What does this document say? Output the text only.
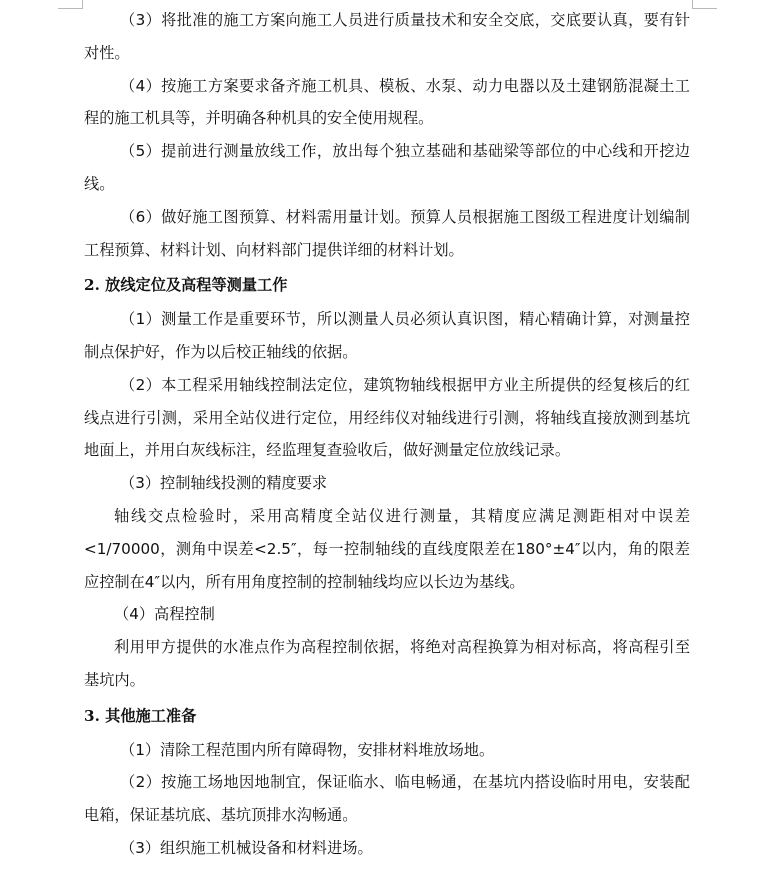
（3）将批准的施工方案向施工人员进行质量技术和安全交底，交底要认真，要有针对性。

（4）按施工方案要求备齐施工机具、模板、水泵、动力电器以及土建钢筋混凝土工程的施工机具等，并明确各种机具的安全使用规程。

（5）提前进行测量放线工作，放出每个独立基础和基础梁等部位的中心线和开挖边线。

（6）做好施工图预算、材料需用量计划。预算人员根据施工图级工程进度计划编制工程预算、材料计划、向材料部门提供详细的材料计划。

2. 放线定位及高程等测量工作

（1）测量工作是重要环节，所以测量人员必须认真识图，精心精确计算，对测量控制点保护好，作为以后校正轴线的依据。

（2）本工程采用轴线控制法定位，建筑物轴线根据甲方业主所提供的经复核后的红线点进行引测，采用全站仪进行定位，用经纬仪对轴线进行引测，将轴线直接放测到基坑地面上，并用白灰线标注，经监理复查验收后，做好测量定位放线记录。

（3）控制轴线投测的精度要求

轴线交点检验时，采用高精度全站仪进行测量，其精度应满足测距相对中误差<1/70000，测角中误差<2.5″，每一控制轴线的直线度限差在180°±4″以内，角的限差应控制在4″以内，所有用角度控制的控制轴线均应以长边为基线。

（4）高程控制

利用甲方提供的水准点作为高程控制依据，将绝对高程换算为相对标高，将高程引至基坑内。

3. 其他施工准备

（1）清除工程范围内所有障碍物，安排材料堆放场地。

（2）按施工场地因地制宜，保证临水、临电畅通，在基坑内搭设临时用电，安装配电箱，保证基坑底、基坑顶排水沟畅通。

（3）组织施工机械设备和材料进场。
